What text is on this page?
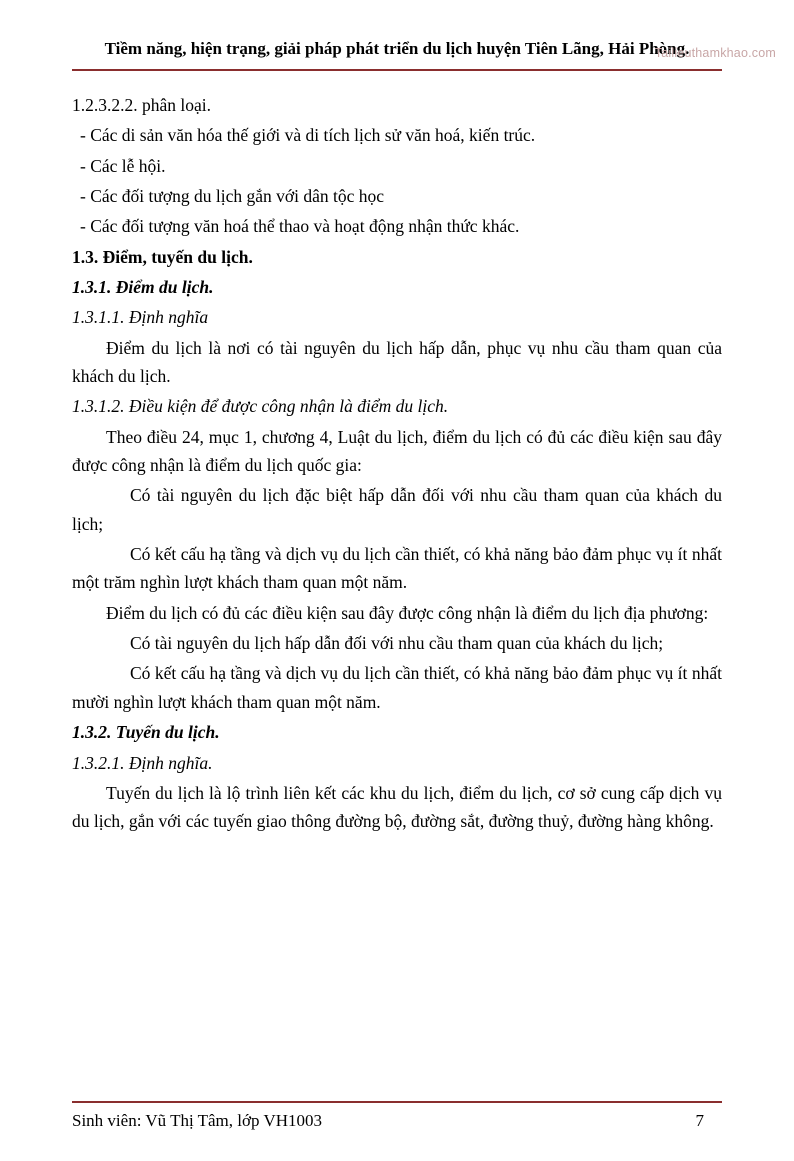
Tailieuthamkhao.com
Tiềm năng, hiện trạng, giải pháp phát triển du lịch huyện Tiên Lãng, Hải Phòng.

1.2.3.2.2. phân loại.

- Các di sản văn hóa thế giới và di tích lịch sử văn hoá, kiến trúc.

- Các lễ hội.

- Các đối tượng du lịch gắn với dân tộc học

- Các đối tượng văn hoá thể thao và hoạt động nhận thức khác.

1.3. Điểm, tuyến du lịch.

1.3.1. Điểm du lịch.

1.3.1.1. Định nghĩa

Điểm du lịch là nơi có tài nguyên du lịch hấp dẫn, phục vụ nhu cầu tham quan của khách du lịch.

1.3.1.2. Điều kiện để được công nhận là điểm du lịch.

Theo điều 24, mục 1, chương 4, Luật du lịch, điểm du lịch có đủ các điều kiện sau đây được công nhận là điểm du lịch quốc gia:

Có tài nguyên du lịch đặc biệt hấp dẫn đối với nhu cầu tham quan của khách du lịch;

Có kết cấu hạ tầng và dịch vụ du lịch cần thiết, có khả năng bảo đảm phục vụ ít nhất một trăm nghìn lượt khách tham quan một năm.

Điểm du lịch có đủ các điều kiện sau đây được công nhận là điểm du lịch địa phương:

Có tài nguyên du lịch hấp dẫn đối với nhu cầu tham quan của khách du lịch;

Có kết cấu hạ tầng và dịch vụ du lịch cần thiết, có khả năng bảo đảm phục vụ ít nhất mười nghìn lượt khách tham quan một năm.

1.3.2. Tuyến du lịch.

1.3.2.1. Định nghĩa.

Tuyến du lịch là lộ trình liên kết các khu du lịch, điểm du lịch, cơ sở cung cấp dịch vụ du lịch, gắn với các tuyến giao thông đường bộ, đường sắt, đường thuỷ, đường hàng không.

Sinh viên: Vũ Thị Tâm, lớp VH1003	7
